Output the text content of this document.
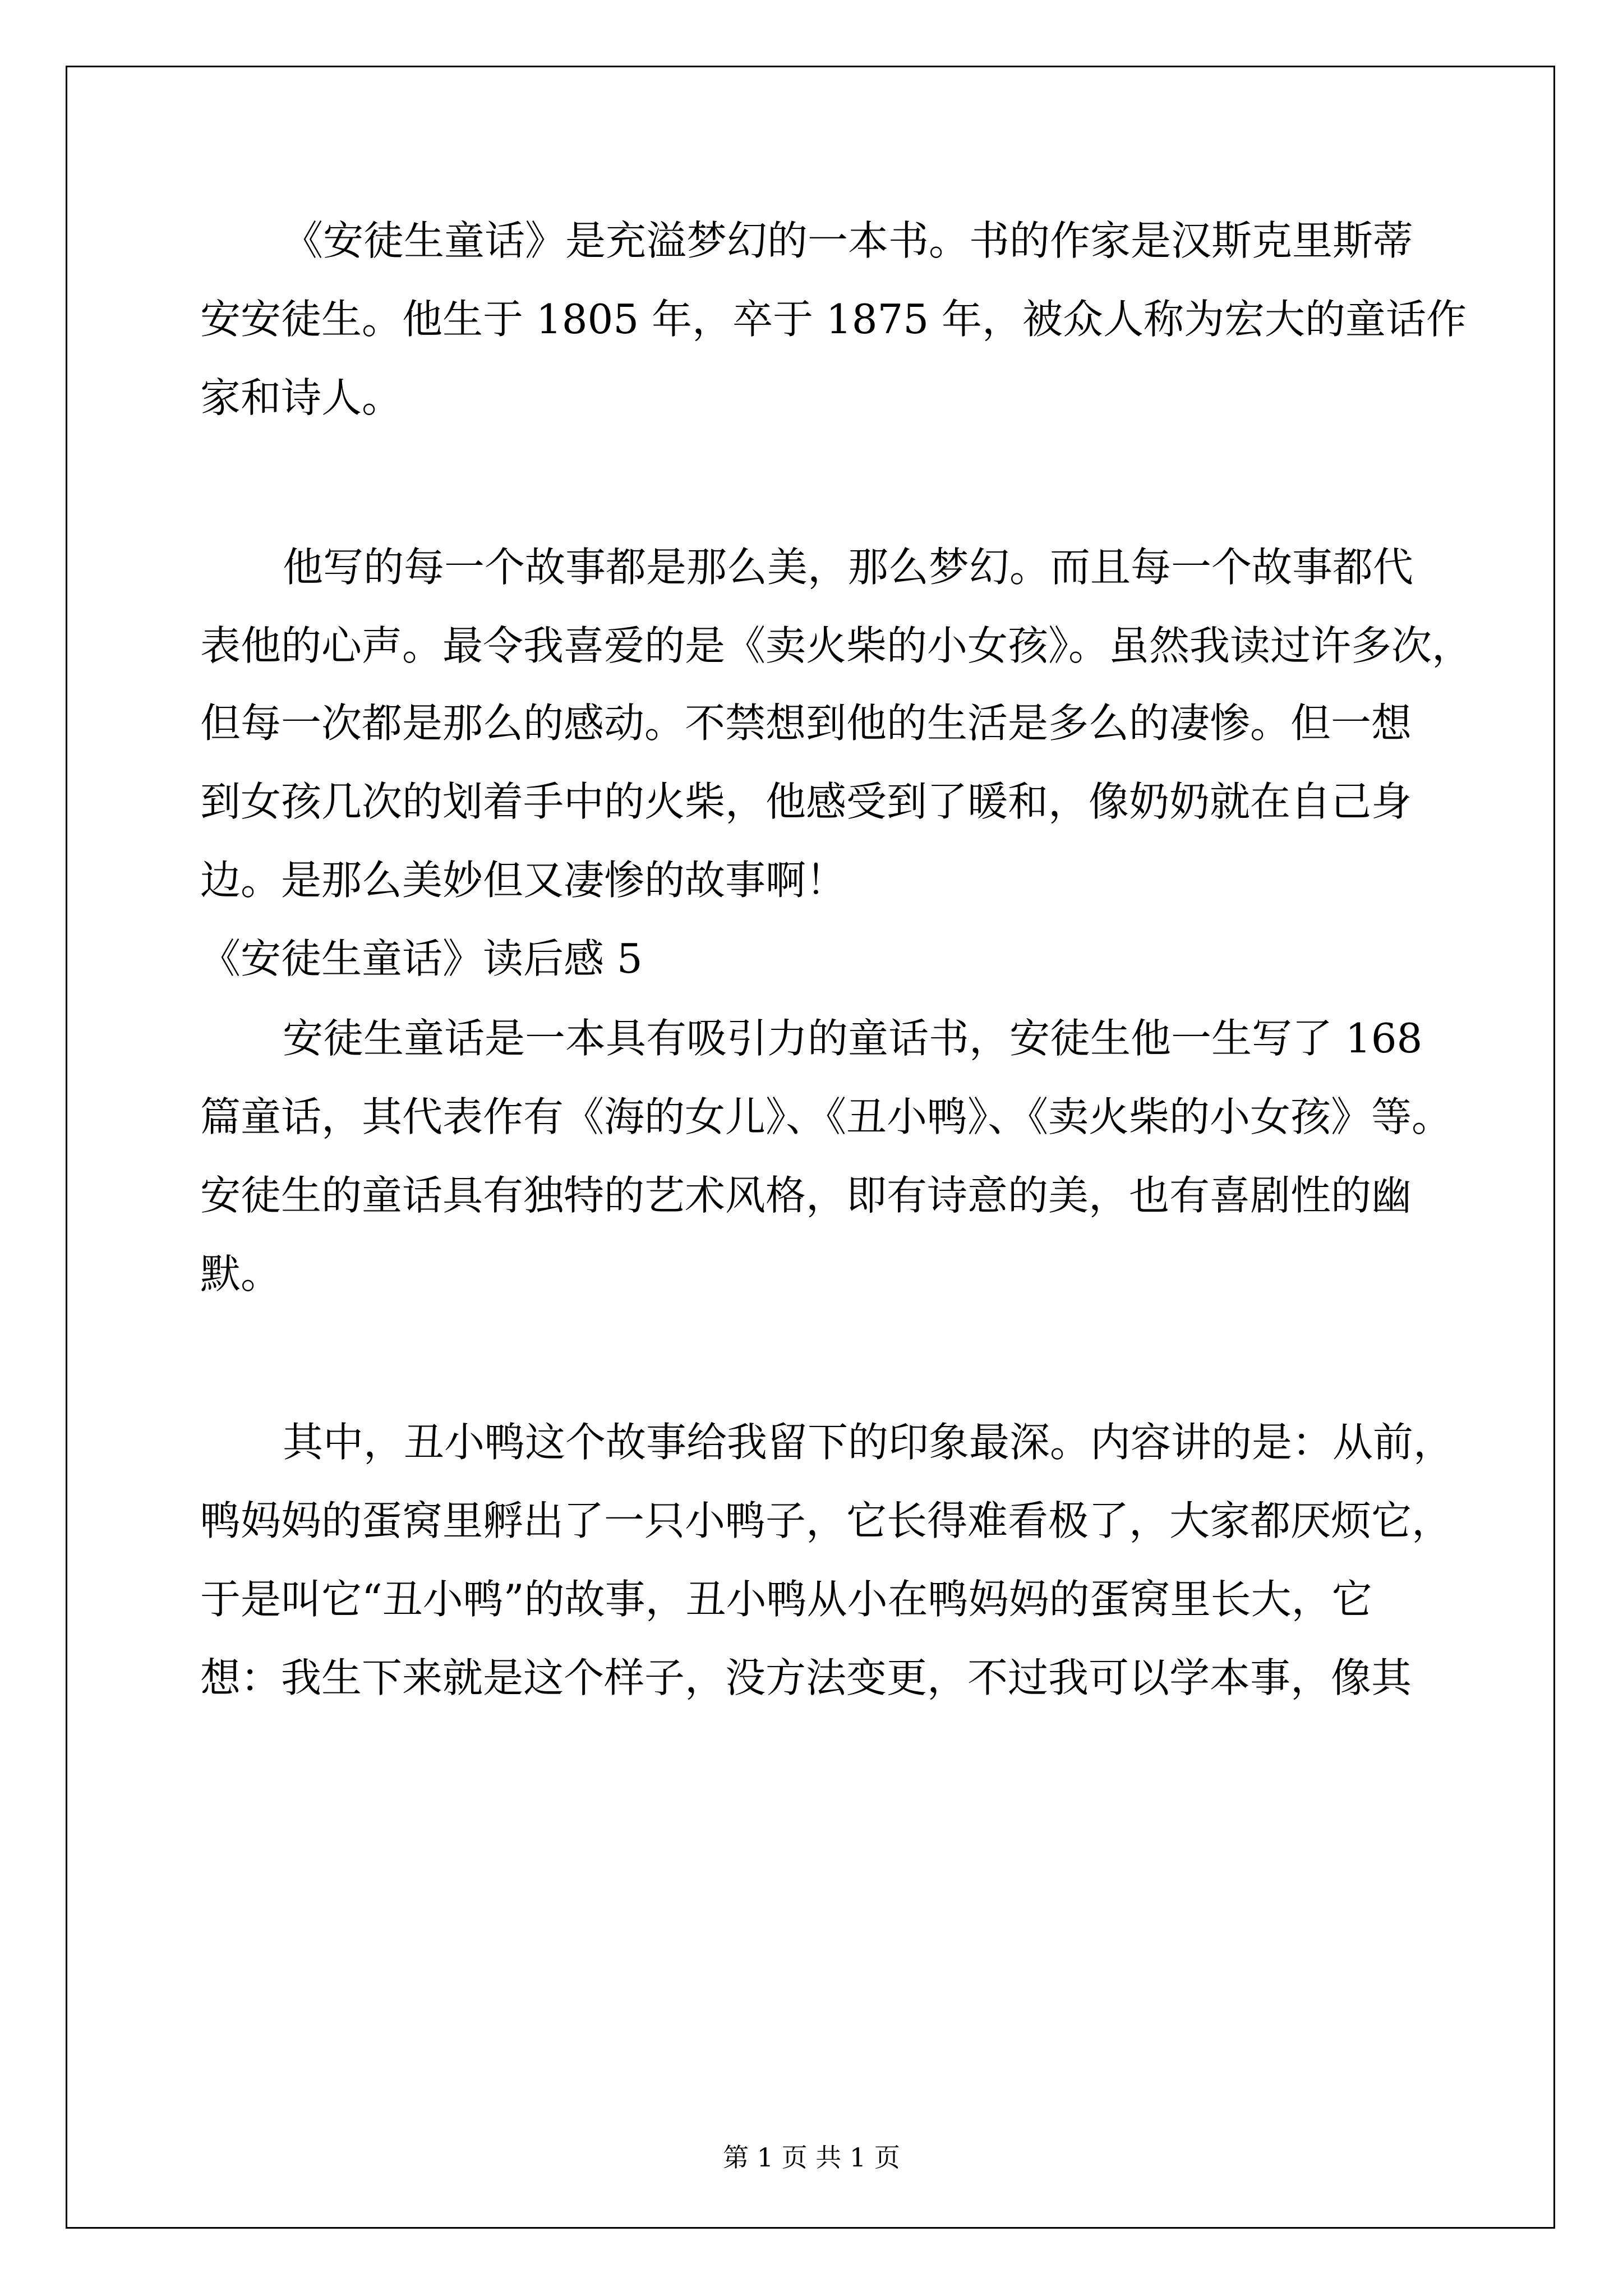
《安徒生童话》是充溢梦幻的一本书。书的作家是汉斯克里斯蒂
安安徒生。他生于 1805 年，卒于 1875 年，被众人称为宏大的童话作
家和诗人。
他写的每一个故事都是那么美，那么梦幻。而且每一个故事都代
表他的心声。最令我喜爱的是《卖火柴的小女孩》。虽然我读过许多次，
但每一次都是那么的感动。不禁想到他的生活是多么的凄惨。但一想
到女孩几次的划着手中的火柴，他感受到了暖和，像奶奶就在自己身
边。是那么美妙但又凄惨的故事啊！
《安徒生童话》读后感 5
安徒生童话是一本具有吸引力的童话书，安徒生他一生写了 168
篇童话，其代表作有《海的女儿》、《丑小鸭》、《卖火柴的小女孩》等。
安徒生的童话具有独特的艺术风格，即有诗意的美，也有喜剧性的幽
默。
其中，丑小鸭这个故事给我留下的印象最深。内容讲的是：从前，
鸭妈妈的蛋窝里孵出了一只小鸭子，它长得难看极了，大家都厌烦它，
于是叫它“丑小鸭”的故事，丑小鸭从小在鸭妈妈的蛋窝里长大，它
想：我生下来就是这个样子，没方法变更，不过我可以学本事，像其
第 1 页 共 1 页
